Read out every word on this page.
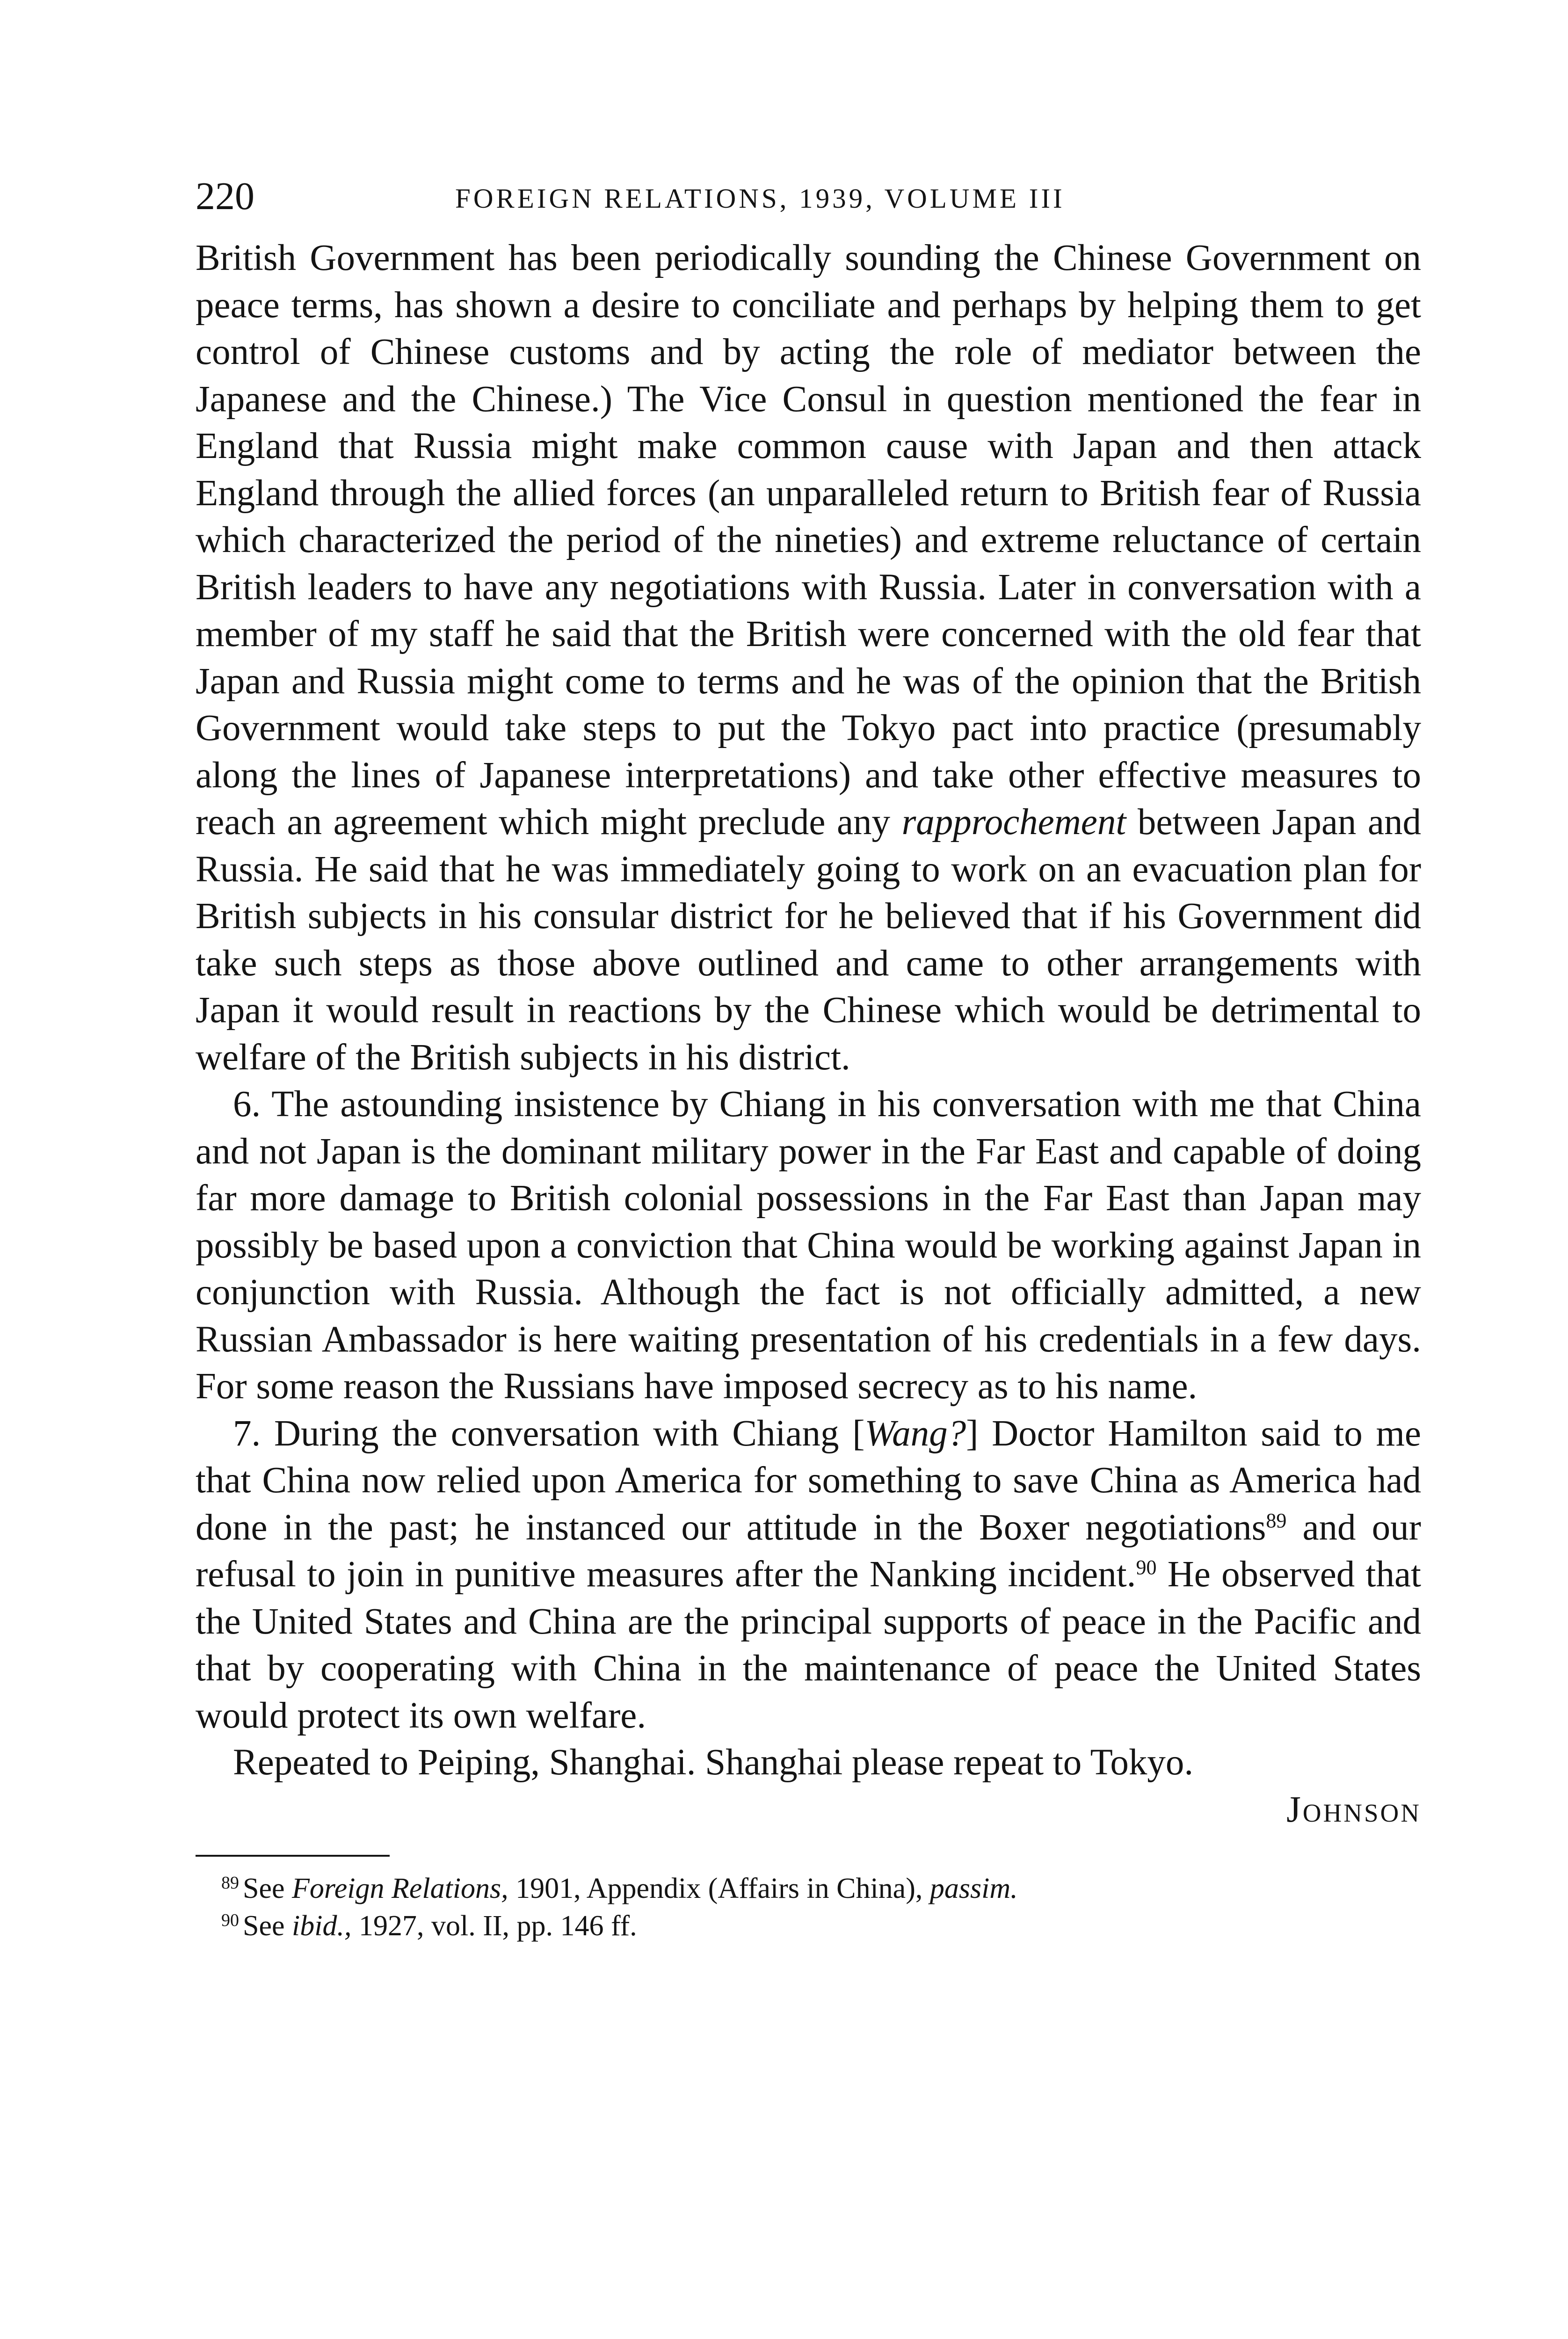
220	FOREIGN RELATIONS, 1939, VOLUME III

British Government has been periodically sounding the Chinese Government on peace terms, has shown a desire to conciliate and perhaps by helping them to get control of Chinese customs and by acting the role of mediator between the Japanese and the Chinese.) The Vice Consul in question mentioned the fear in England that Russia might make common cause with Japan and then attack England through the allied forces (an unparalleled return to British fear of Russia which characterized the period of the nineties) and extreme reluctance of certain British leaders to have any negotiations with Russia. Later in conversation with a member of my staff he said that the British were concerned with the old fear that Japan and Russia might come to terms and he was of the opinion that the British Government would take steps to put the Tokyo pact into practice (presumably along the lines of Japanese interpretations) and take other effective measures to reach an agreement which might preclude any rapprochement between Japan and Russia. He said that he was immediately going to work on an evacuation plan for British subjects in his consular district for he believed that if his Government did take such steps as those above outlined and came to other arrangements with Japan it would result in reactions by the Chinese which would be detrimental to welfare of the British subjects in his district.

6. The astounding insistence by Chiang in his conversation with me that China and not Japan is the dominant military power in the Far East and capable of doing far more damage to British colonial possessions in the Far East than Japan may possibly be based upon a conviction that China would be working against Japan in conjunction with Russia. Although the fact is not officially admitted, a new Russian Ambassador is here waiting presentation of his credentials in a few days. For some reason the Russians have imposed secrecy as to his name.

7. During the conversation with Chiang [Wang?] Doctor Hamilton said to me that China now relied upon America for something to save China as America had done in the past; he instanced our attitude in the Boxer negotiations$^{89}$ and our refusal to join in punitive measures after the Nanking incident.$^{90}$ He observed that the United States and China are the principal supports of peace in the Pacific and that by cooperating with China in the maintenance of peace the United States would protect its own welfare.

Repeated to Peiping, Shanghai. Shanghai please repeat to Tokyo.

Johnson
$^{89}$ See Foreign Relations, 1901, Appendix (Affairs in China), passim.
$^{90}$ See ibid., 1927, vol. II, pp. 146 ff.
